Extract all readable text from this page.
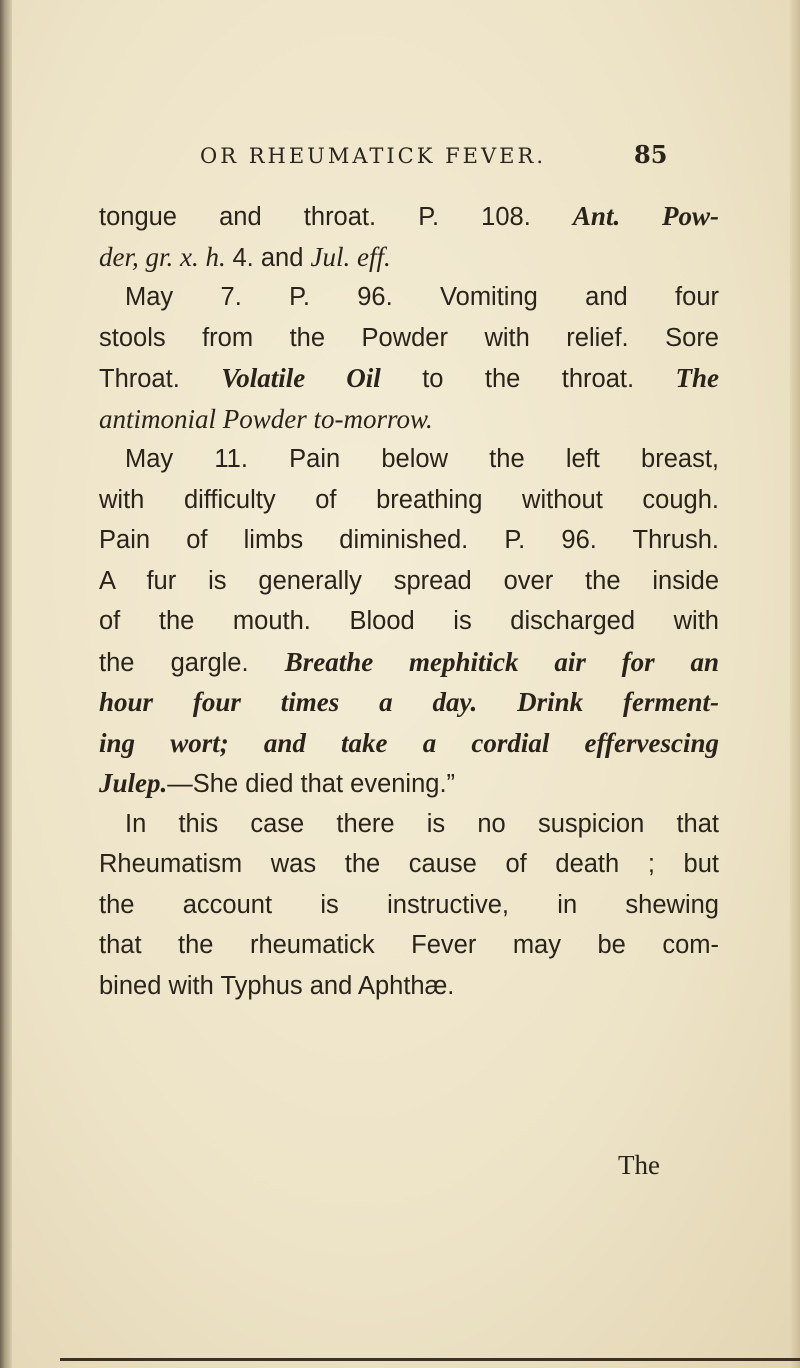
OR RHEUMATICK FEVER.	85
tongue and throat. P. 108. Ant. Pow-
der, gr. x. h. 4. and Jul. eff.
May 7. P. 96. Vomiting and four
stools from the Powder with relief. Sore
Throat. Volatile Oil to the throat. The
antimonial Powder to-morrow.
May 11. Pain below the left breast,
with difficulty of breathing without cough.
Pain of limbs diminished. P. 96. Thrush.
A fur is generally spread over the inside
of the mouth. Blood is discharged with
the gargle. Breathe mephitick air for an
hour four times a day. Drink ferment-
ing wort; and take a cordial effervescing
Julep.—She died that evening.”
In this case there is no suspicion that
Rheumatism was the cause of death ; but
the account is instructive, in shewing
that the rheumatick Fever may be com-
bined with Typhus and Aphthæ.
The
